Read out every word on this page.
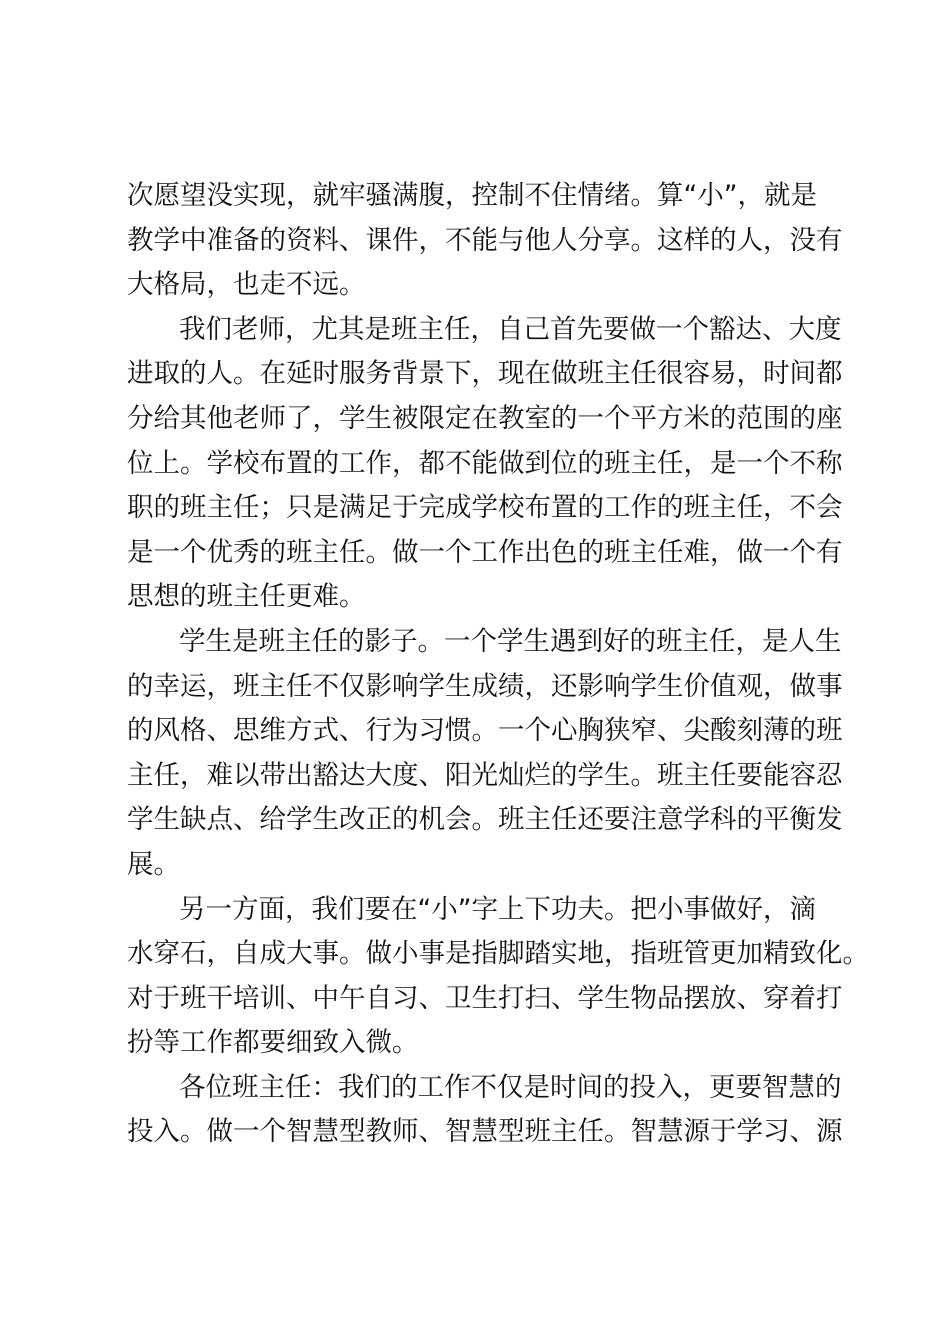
次愿望没实现，就牢骚满腹，控制不住情绪。算“小”，就是
教学中准备的资料、课件，不能与他人分享。这样的人，没有
大格局，也走不远。
我们老师，尤其是班主任，自己首先要做一个豁达、大度
进取的人。在延时服务背景下，现在做班主任很容易，时间都
分给其他老师了，学生被限定在教室的一个平方米的范围的座
位上。学校布置的工作，都不能做到位的班主任，是一个不称
职的班主任；只是满足于完成学校布置的工作的班主任，不会
是一个优秀的班主任。做一个工作出色的班主任难，做一个有
思想的班主任更难。
学生是班主任的影子。一个学生遇到好的班主任，是人生
的幸运，班主任不仅影响学生成绩，还影响学生价值观，做事
的风格、思维方式、行为习惯。一个心胸狭窄、尖酸刻薄的班
主任，难以带出豁达大度、阳光灿烂的学生。班主任要能容忍
学生缺点、给学生改正的机会。班主任还要注意学科的平衡发
展。
另一方面，我们要在“小”字上下功夫。把小事做好，滴
水穿石，自成大事。做小事是指脚踏实地，指班管更加精致化。
对于班干培训、中午自习、卫生打扫、学生物品摆放、穿着打
扮等工作都要细致入微。
各位班主任：我们的工作不仅是时间的投入，更要智慧的
投入。做一个智慧型教师、智慧型班主任。智慧源于学习、源
